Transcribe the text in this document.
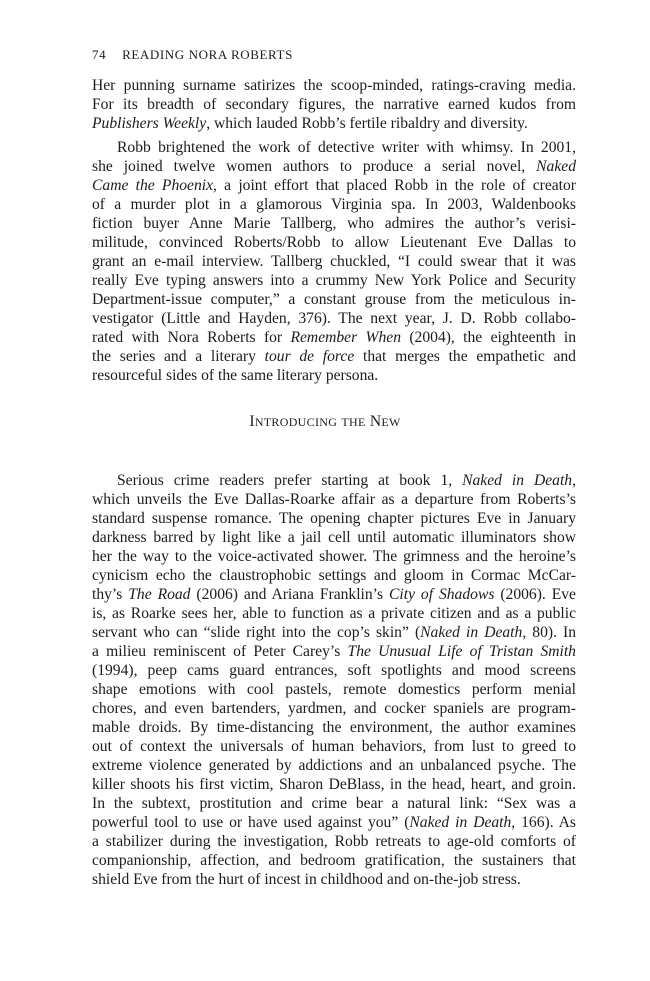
74 READING NORA ROBERTS
INTRODUCING THE NEW
Her punning surname satirizes the scoop-minded, ratings-craving media.
For its breadth of secondary figures, the narrative earned kudos from
Publishers Weekly, which lauded Robb’s fertile ribaldry and diversity.
Robb brightened the work of detective writer with whimsy. In 2001,
she joined twelve women authors to produce a serial novel, Naked
Came the Phoenix, a joint effort that placed Robb in the role of creator
of a murder plot in a glamorous Virginia spa. In 2003, Waldenbooks
fiction buyer Anne Marie Tallberg, who admires the author’s verisi-
militude, convinced Roberts/Robb to allow Lieutenant Eve Dallas to
grant an e-mail interview. Tallberg chuckled, “I could swear that it was
really Eve typing answers into a crummy New York Police and Security
Department-issue computer,” a constant grouse from the meticulous in-
vestigator (Little and Hayden, 376). The next year, J. D. Robb collabo-
rated with Nora Roberts for Remember When (2004), the eighteenth in
the series and a literary tour de force that merges the empathetic and
resourceful sides of the same literary persona.
Serious crime readers prefer starting at book 1, Naked in Death,
which unveils the Eve Dallas-Roarke affair as a departure from Roberts’s
standard suspense romance. The opening chapter pictures Eve in January
darkness barred by light like a jail cell until automatic illuminators show
her the way to the voice-activated shower. The grimness and the heroine’s
cynicism echo the claustrophobic settings and gloom in Cormac McCar-
thy’s The Road (2006) and Ariana Franklin’s City of Shadows (2006). Eve
is, as Roarke sees her, able to function as a private citizen and as a public
servant who can “slide right into the cop’s skin” (Naked in Death, 80). In
a milieu reminiscent of Peter Carey’s The Unusual Life of Tristan Smith
(1994), peep cams guard entrances, soft spotlights and mood screens
shape emotions with cool pastels, remote domestics perform menial
chores, and even bartenders, yardmen, and cocker spaniels are program-
mable droids. By time-distancing the environment, the author examines
out of context the universals of human behaviors, from lust to greed to
extreme violence generated by addictions and an unbalanced psyche. The
killer shoots his first victim, Sharon DeBlass, in the head, heart, and groin.
In the subtext, prostitution and crime bear a natural link: “Sex was a
powerful tool to use or have used against you” (Naked in Death, 166). As
a stabilizer during the investigation, Robb retreats to age-old comforts of
companionship, affection, and bedroom gratification, the sustainers that
shield Eve from the hurt of incest in childhood and on-the-job stress.
